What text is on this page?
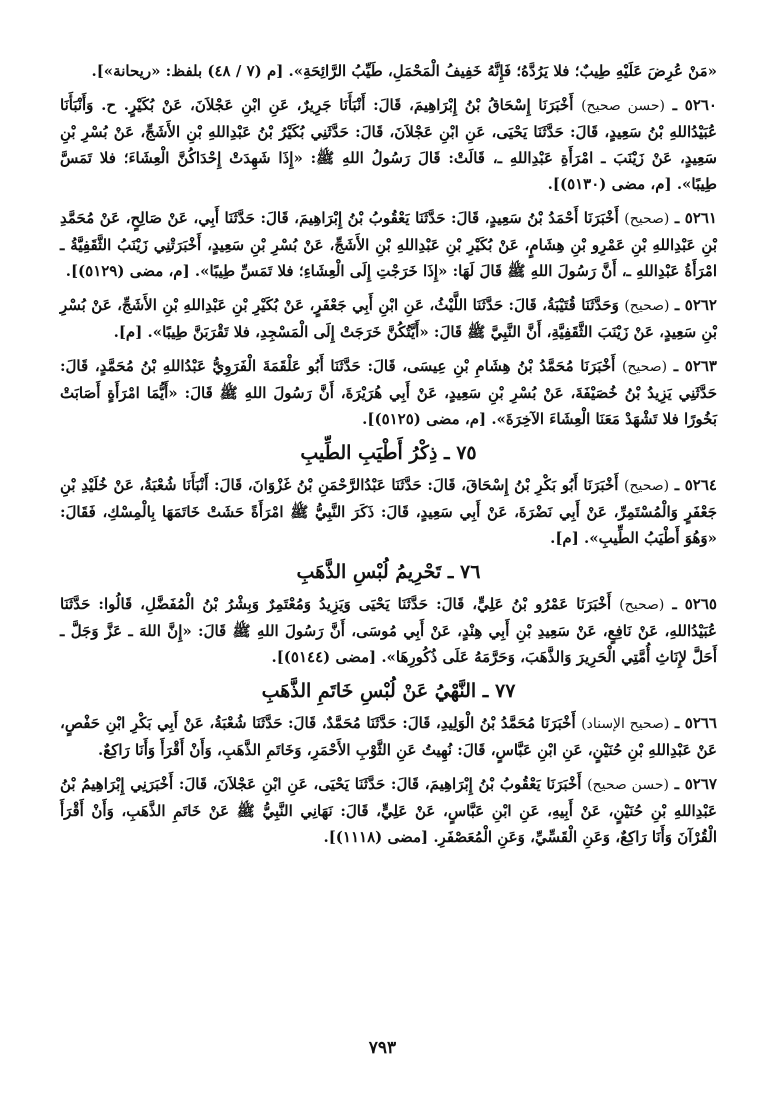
«مَنْ عُرِضَ عَلَيْهِ طِيبٌ؛ فلا يَرُدَّهُ؛ فَإِنَّهُ خَفِيفُ الْمَحْمَلِ، طَيِّبُ الرَّائِحَةِ». [م (٧ / ٤٨) بلفظ: «ريحانة»].

٥٢٦٠ ـ (حسن صحيح) أَخْبَرَنَا إِسْحَاقُ بْنُ إِبْرَاهِيمَ، قَالَ: أَنْبَأَنَا جَرِيرٌ، عَنِ ابْنِ عَجْلاَنَ، عَنْ بُكَيْرٍ. ح. وَأَنْبَأَنَا عُبَيْدُاللهِ بْنُ سَعِيدٍ، قَالَ: حَدَّثَنَا يَحْيَى، عَنِ ابْنِ عَجْلاَنَ، قَالَ: حَدَّثَنِي بُكَيْرُ بْنُ عَبْدِاللهِ بْنِ الأَشَجِّ، عَنْ بُسْرِ بْنِ سَعِيدٍ، عَنْ زَيْنَبَ ـ امْرَأَةِ عَبْدِاللهِ ـ، قَالَتْ: قَالَ رَسُولُ اللهِ ﷺ: «إِذَا شَهِدَتْ إِحْدَاكُنَّ الْعِشَاءَ؛ فلا تَمَسَّ طِيبًا». [م، مضى (٥١٣٠)].

٥٢٦١ ـ (صحيح) أَخْبَرَنَا أَحْمَدُ بْنُ سَعِيدٍ، قَالَ: حَدَّثَنَا يَعْقُوبُ بْنُ إِبْرَاهِيمَ، قَالَ: حَدَّثَنَا أَبِي، عَنْ صَالِحٍ، عَنْ مُحَمَّدِ بْنِ عَبْدِاللهِ بْنِ عَمْرِو بْنِ هِشَامٍ، عَنْ بُكَيْرِ بْنِ عَبْدِاللهِ بْنِ الأَشَجِّ، عَنْ بُسْرِ بْنِ سَعِيدٍ، أَخْبَرَتْنِي زَيْنَبُ الثَّقَفِيَّةُ ـ امْرَأَةُ عَبْدِاللهِ ـ، أَنَّ رَسُولَ اللهِ ﷺ قَالَ لَهَا: «إِذَا خَرَجْتِ إِلَى الْعِشَاءِ؛ فلا تَمَسِّ طِيبًا». [م، مضى (٥١٢٩)].

٥٢٦٢ ـ (صحيح) وَحَدَّثَنَا قُتَيْبَةُ، قَالَ: حَدَّثَنَا اللَّيْثُ، عَنِ ابْنِ أَبِي جَعْفَرٍ، عَنْ بُكَيْرِ بْنِ عَبْدِاللهِ بْنِ الأَشَجِّ، عَنْ بُسْرِ بْنِ سَعِيدٍ، عَنْ زَيْنَبَ الثَّقَفِيَّةِ، أَنَّ النَّبِيَّ ﷺ قَالَ: «أَيَّتُكُنَّ خَرَجَتْ إِلَى الْمَسْجِدِ، فلا تَقْرَبَنَّ طِيبًا». [م].

٥٢٦٣ ـ (صحيح) أَخْبَرَنَا مُحَمَّدُ بْنُ هِشَامِ بْنِ عِيسَى، قَالَ: حَدَّثَنَا أَبُو عَلْقَمَةَ الْفَرَوِيُّ عَبْدُاللهِ بْنُ مُحَمَّدٍ، قَالَ: حَدَّثَنِي يَزِيدُ بْنُ خُصَيْفَةَ، عَنْ بُسْرِ بْنِ سَعِيدٍ، عَنْ أَبِي هُرَيْرَةَ، أَنَّ رَسُولَ اللهِ ﷺ قَالَ: «أَيُّمَا امْرَأَةٍ أَصَابَتْ بَخُورًا فلا تَشْهَدْ مَعَنَا الْعِشَاءَ الآخِرَةَ». [م، مضى (٥١٢٥)].

٧٥ ـ ذِكْرُ أَطْيَبِ الطِّيبِ

٥٢٦٤ ـ (صحيح) أَخْبَرَنَا أَبُو بَكْرِ بْنُ إِسْحَاقَ، قَالَ: حَدَّثَنَا عَبْدُالرَّحْمَنِ بْنُ غَزْوَانَ، قَالَ: أَنْبَأَنَا شُعْبَةُ، عَنْ خُلَيْدِ بْنِ جَعْفَرٍ وَالْمُسْتَمِرِّ، عَنْ أَبِي نَضْرَةَ، عَنْ أَبِي سَعِيدٍ، قَالَ: ذَكَرَ النَّبِيُّ ﷺ امْرَأَةً حَشَتْ خَاتَمَهَا بِالْمِسْكِ، فَقَالَ: «وَهُوَ أَطْيَبُ الطِّيبِ». [م].

٧٦ ـ تَحْرِيمُ لُبْسِ الذَّهَبِ

٥٢٦٥ ـ (صحيح) أَخْبَرَنَا عَمْرُو بْنُ عَلِيٍّ، قَالَ: حَدَّثَنَا يَحْيَى وَيَزِيدُ وَمُعْتَمِرٌ وَبِشْرُ بْنُ الْمُفَضَّلِ، قَالُوا: حَدَّثَنَا عُبَيْدُاللهِ، عَنْ نَافِعٍ، عَنْ سَعِيدِ بْنِ أَبِي هِنْدٍ، عَنْ أَبِي مُوسَى، أَنَّ رَسُولَ اللهِ ﷺ قَالَ: «إِنَّ اللهَ ـ عَزَّ وَجَلَّ ـ أَحَلَّ لإِنَاثِ أُمَّتِي الْحَرِيرَ وَالذَّهَبَ، وَحَرَّمَهُ عَلَى ذُكُورِهَا». [مضى (٥١٤٤)].

٧٧ ـ النَّهْيُ عَنْ لُبْسِ خَاتَمِ الذَّهَبِ

٥٢٦٦ ـ (صحيح الإسناد) أَخْبَرَنَا مُحَمَّدُ بْنُ الْوَلِيدِ، قَالَ: حَدَّثَنَا مُحَمَّدٌ، قَالَ: حَدَّثَنَا شُعْبَةُ، عَنْ أَبِي بَكْرِ ابْنِ حَفْصٍ، عَنْ عَبْدِاللهِ بْنِ حُنَيْنٍ، عَنِ ابْنِ عَبَّاسٍ، قَالَ: نُهِيتُ عَنِ الثَّوْبِ الأَحْمَرِ، وَخَاتَمِ الذَّهَبِ، وَأَنْ أَقْرَأَ وَأَنَا رَاكِعٌ.

٥٢٦٧ ـ (حسن صحيح) أَخْبَرَنَا يَعْقُوبُ بْنُ إِبْرَاهِيمَ، قَالَ: حَدَّثَنَا يَحْيَى، عَنِ ابْنِ عَجْلاَنَ، قَالَ: أَخْبَرَنِي إِبْرَاهِيمُ بْنُ عَبْدِاللهِ بْنِ حُنَيْنٍ، عَنْ أَبِيهِ، عَنِ ابْنِ عَبَّاسٍ، عَنْ عَلِيٍّ، قَالَ: نَهَانِي النَّبِيُّ ﷺ عَنْ خَاتَمِ الذَّهَبِ، وَأَنْ أَقْرَأَ الْقُرْآنَ وَأَنَا رَاكِعٌ، وَعَنِ الْقَسِّيِّ، وَعَنِ الْمُعَصْفَرِ. [مضى (١١١٨)].

٧٩٣
